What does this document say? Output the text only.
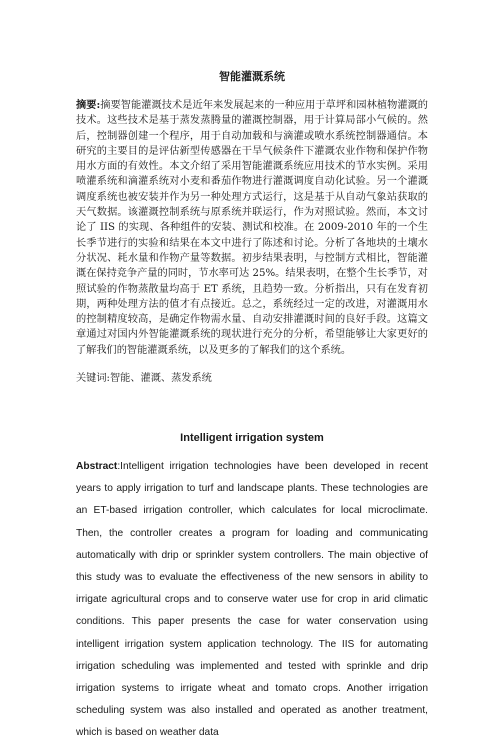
智能灌溉系统

摘要:摘要智能灌溉技术是近年来发展起来的一种应用于草坪和园林植物灌溉的技术。这些技术是基于蒸发蒸腾量的灌溉控制器，用于计算局部小气候的。然后，控制器创建一个程序，用于自动加载和与滴灌或喷水系统控制器通信。本研究的主要目的是评估新型传感器在干旱气候条件下灌溉农业作物和保护作物用水方面的有效性。本文介绍了采用智能灌溉系统应用技术的节水实例。采用喷灌系统和滴灌系统对小麦和番茄作物进行灌溉调度自动化试验。另一个灌溉调度系统也被安装并作为另一种处理方式运行，这是基于从自动气象站获取的天气数据。该灌溉控制系统与原系统并联运行，作为对照试验。然而，本文讨论了 IIS 的实现、各种组件的安装、测试和校准。在 2009-2010 年的一个生长季节进行的实验和结果在本文中进行了陈述和讨论。分析了各地块的土壤水分状况、耗水量和作物产量等数据。初步结果表明，与控制方式相比，智能灌溉在保持竞争产量的同时，节水率可达 25%。结果表明，在整个生长季节，对照试验的作物蒸散量均高于 ET 系统，且趋势一致。分析指出，只有在发育初期，两种处理方法的值才有点接近。总之，系统经过一定的改进，对灌溉用水的控制精度较高，是确定作物需水量、自动安排灌溉时间的良好手段。这篇文章通过对国内外智能灌溉系统的现状进行充分的分析，希望能够让大家更好的了解我们的智能灌溉系统，以及更多的了解我们的这个系统。

关键词:智能、灌溉、蒸发系统
Intelligent irrigation system

Abstract:Intelligent irrigation technologies have been developed in recent years to apply irrigation to turf and landscape plants. These technologies are an ET-based irrigation controller, which calculates for local microclimate. Then, the controller creates a program for loading and communicating automatically with drip or sprinkler system controllers. The main objective of this study was to evaluate the effectiveness of the new sensors in ability to irrigate agricultural crops and to conserve water use for crop in arid climatic conditions. This paper presents the case for water conservation using intelligent irrigation system application technology. The IIS for automating irrigation scheduling was implemented and tested with sprinkle and drip irrigation systems to irrigate wheat and tomato crops. Another irrigation scheduling system was also installed and operated as another treatment, which is based on weather data
